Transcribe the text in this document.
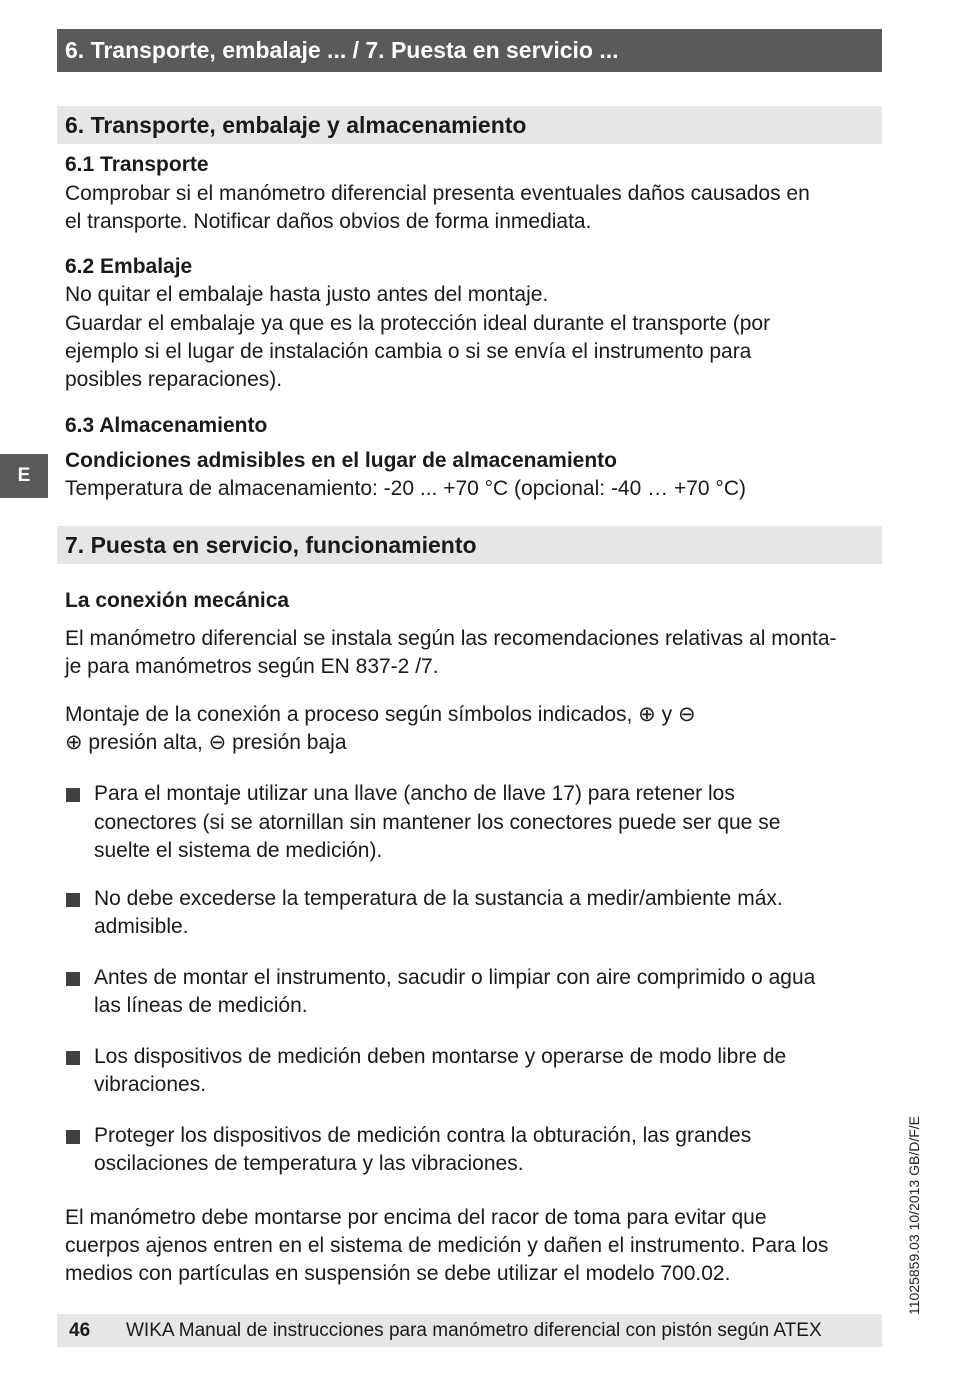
6. Transporte, embalaje ... / 7. Puesta en servicio ...
6. Transporte, embalaje y almacenamiento
6.1 Transporte
Comprobar si el manómetro diferencial presenta eventuales daños causados en
el transporte. Notificar daños obvios de forma inmediata.
6.2 Embalaje
No quitar el embalaje hasta justo antes del montaje.
Guardar el embalaje ya que es la protección ideal durante el transporte (por
ejemplo si el lugar de instalación cambia o si se envía el instrumento para
posibles reparaciones).
6.3 Almacenamiento
Condiciones admisibles en el lugar de almacenamiento
Temperatura de almacenamiento: -20 ... +70 °C (opcional: -40 … +70 °C)
7. Puesta en servicio, funcionamiento
La conexión mecánica
El manómetro diferencial se instala según las recomendaciones relativas al monta-
je para manómetros según EN 837-2 /7.
Montaje de la conexión a proceso según símbolos indicados, ⊕ y ⊖
⊕ presión alta, ⊖ presión baja
Para el montaje utilizar una llave (ancho de llave 17) para retener los
conectores (si se atornillan sin mantener los conectores puede ser que se
suelte el sistema de medición).
No debe excederse la temperatura de la sustancia a medir/ambiente máx.
admisible.
Antes de montar el instrumento, sacudir o limpiar con aire comprimido o agua
las líneas de medición.
Los dispositivos de medición deben montarse y operarse de modo libre de
vibraciones.
Proteger los dispositivos de medición contra la obturación, las grandes
oscilaciones de temperatura y las vibraciones.
El manómetro debe montarse por encima del racor de toma para evitar que
cuerpos ajenos entren en el sistema de medición y dañen el instrumento. Para los
medios con partículas en suspensión se debe utilizar el modelo 700.02.
E
11025859.03 10/2013 GB/D/F/E
46 WIKA Manual de instrucciones para manómetro diferencial con pistón según ATEX
